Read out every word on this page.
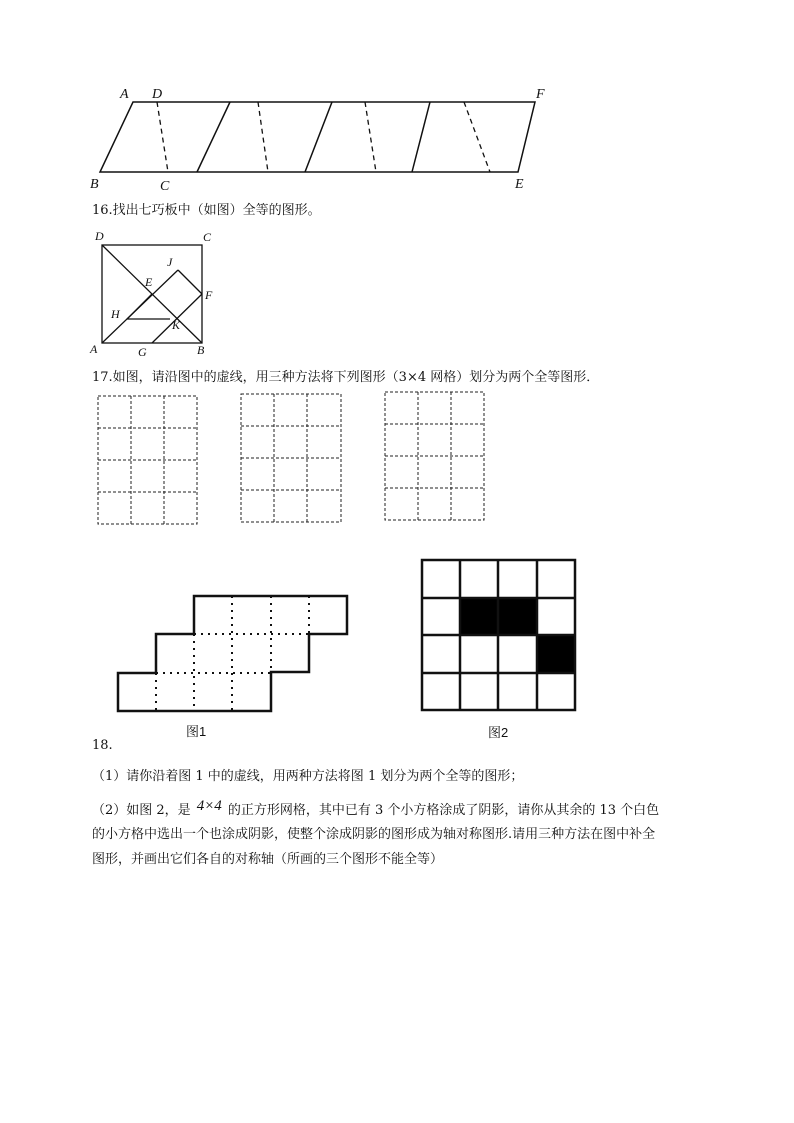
A D	F
B	C	E
16.找出七巧板中（如图）全等的图形。
D	C
J
E
F
H
K
A	G	B
17.如图，请沿图中的虚线，用三种方法将下列图形（3×4 网格）划分为两个全等图形．
图1	图2
18.
（1）请你沿着图 1 中的虚线，用两种方法将图 1 划分为两个全等的图形；
（2）如图 2，是 4×4 的正方形网格，其中已有 3 个小方格涂成了阴影，请你从其余的 13 个白色
的小方格中选出一个也涂成阴影，使整个涂成阴影的图形成为轴对称图形.请用三种方法在图中补全
图形，并画出它们各自的对称轴（所画的三个图形不能全等）
